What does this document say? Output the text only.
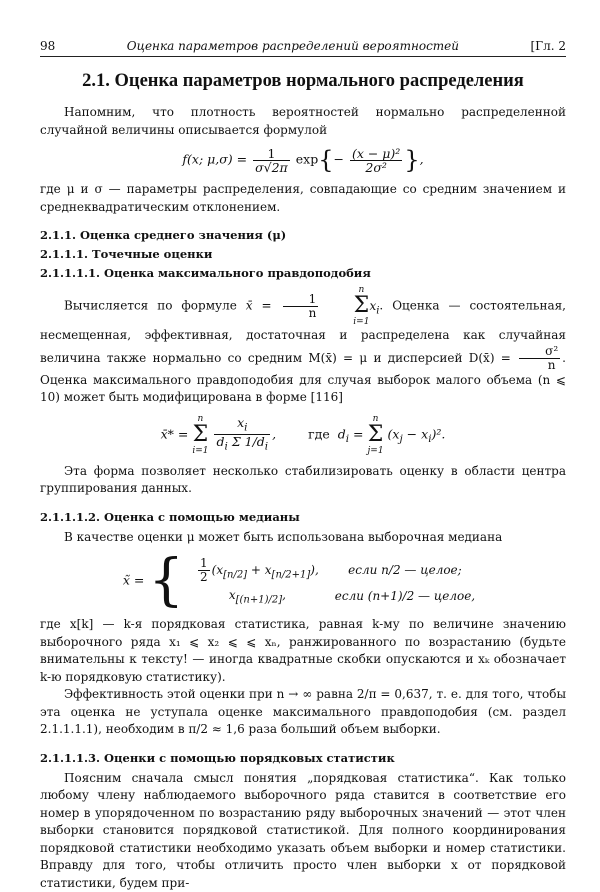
98	Оценка параметров распределений вероятностей	[Гл. 2
2.1. Оценка параметров нормального распределения

Напомним, что плотность вероятностей нормально распределенной случайной величины описывается формулой

f(x; $\mu,\sigma) = \frac{1}{\sigma√2\pi} \exp\{- \frac{\text{(x − μ)²}}{\text{2σ²}}$ },

где μ и σ — параметры распределения, совпадающие со средним значением и среднеквадратическим отклонением.

2.1.1. Оценка среднего значения (μ)
2.1.1.1. Точечные оценки
2.1.1.1.1. Оценка максимального правдоподобия

Вычисляется по формуле x̄ = $\frac{1}{n}$

n
Σ
i=1
$x_i$. Оценка — состоятельная, несмещенная, эффективная, достаточная и распределена как случайная величина также нормально со средним M(x̄) = μ и дисперсией D(x̄) = $\frac{\text{σ²}}{n}$ . Оценка максимального правдоподобия для случая выборок малого объема (n ⩽ 10) может быть модифицирована в форме [116]

x̄* =
n
Σ
i=1
$\frac{x_i}{d_i \Sigma 1/d_i}$ , где  $d_i$ =
n
Σ
j=1
$(x_j - x_i)^2$.

Эта форма позволяет несколько стабилизировать оценку в области центра группирования данных.

2.1.1.1.2. Оценка с помощью медианы

В качестве оценки μ может быть использована выборочная медиана

x̃ = { $\frac{1}{2} (x_{[n/2]} + x_{[n/2+1]})$,	если n/2 — целое;
$x_{[(n+1)/2]}$,	если (n+1)/2 — целое,

где x[k] — k-я порядковая статистика, равная k-му по величине значению выборочного ряда x₁ ⩽ x₂ ⩽ ⩽ xₙ, ранжированного по возрастанию (будьте внимательны к тексту! — иногда квадратные скобки опускаются и xₖ обозначает k-ю порядковую статистику).

Эффективность этой оценки при n → ∞ равна 2/π = 0,637, т. е. для того, чтобы эта оценка не уступала оценке максимального правдоподобия (см. раздел 2.1.1.1.1), необходим в π/2 ≈ 1,6 раза больший объем выборки.

2.1.1.1.3. Оценки с помощью порядковых статистик

Поясним сначала смысл понятия „порядковая статистика“. Как только любому члену наблюдаемого выборочного ряда ставится в соответствие его номер в упорядоченном по возрастанию ряду выборочных значений — этот член выборки становится порядковой статистикой. Для полного координирования порядковой статистики необходимо указать объем выборки и номер статистики. Вправду для того, чтобы отличить просто член выборки x от порядковой статистики, будем при-
